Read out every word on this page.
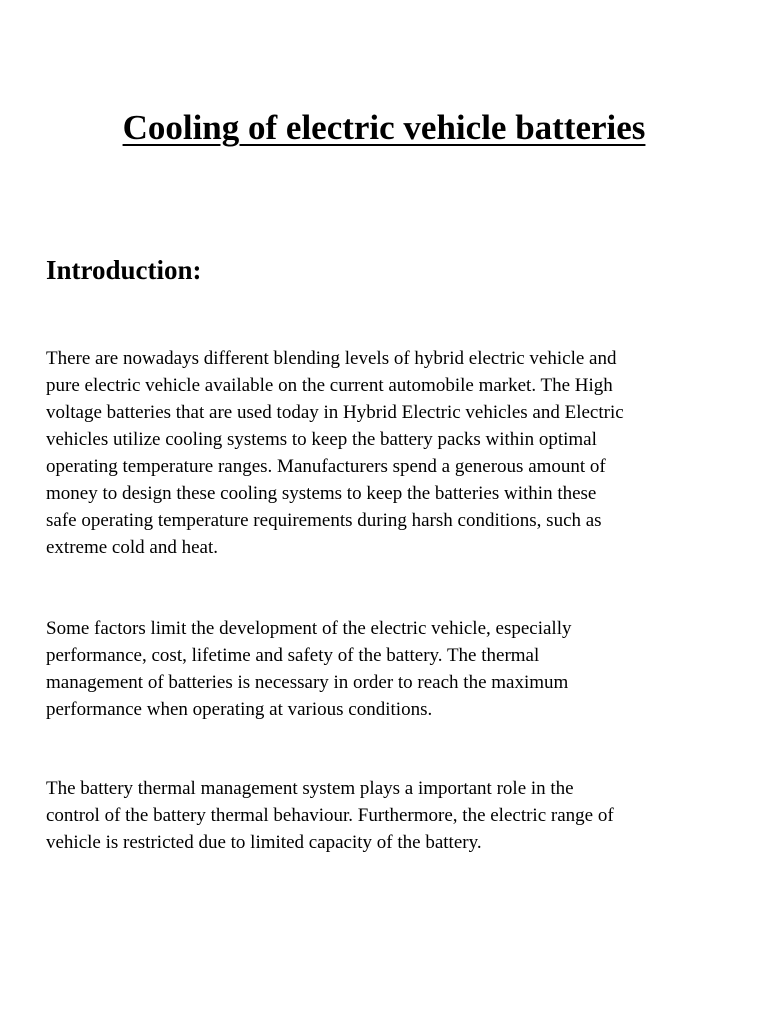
Cooling of electric vehicle batteries
Introduction:
There are nowadays different blending levels of hybrid electric vehicle and
pure electric vehicle available on the current automobile market. The High
voltage batteries that are used today in Hybrid Electric vehicles and Electric
vehicles utilize cooling systems to keep the battery packs within optimal
operating temperature ranges. Manufacturers spend a generous amount of
money to design these cooling systems to keep the batteries within these
safe operating temperature requirements during harsh conditions, such as
extreme cold and heat.
Some factors limit the development of the electric vehicle, especially
performance, cost, lifetime and safety of the battery. The thermal
management of batteries is necessary in order to reach the maximum
performance when operating at various conditions.
The battery thermal management system plays a important role in the
control of the battery thermal behaviour. Furthermore, the electric range of
vehicle is restricted due to limited capacity of the battery.
